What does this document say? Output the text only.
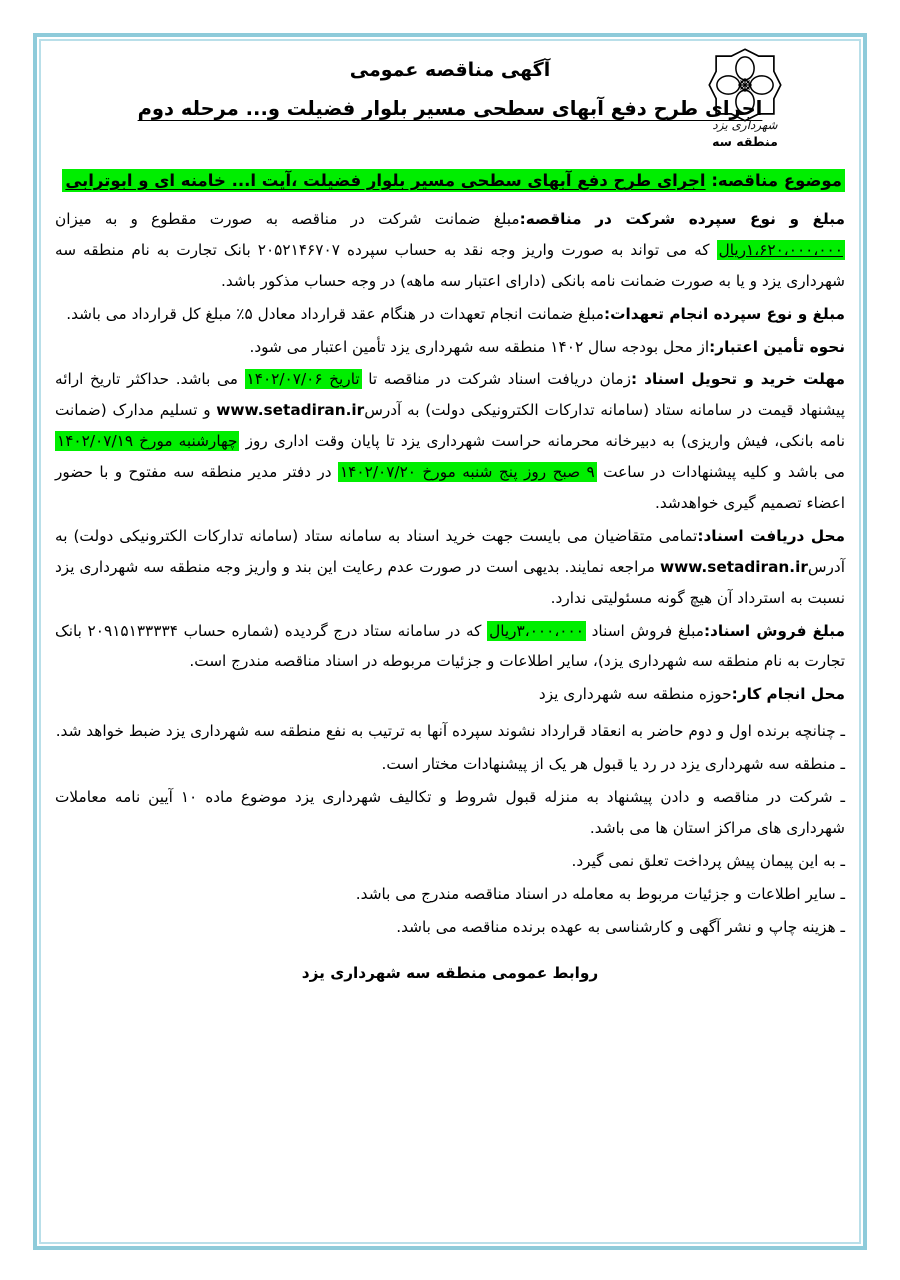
شهرداری یزد
منطقه سه
آگهی مناقصه عمومی
اجرای طرح دفع آبهای سطحی مسیر بلوار فضیلت و... مرحله دوم
موضوع مناقصه: اجرای طرح دفع آبهای سطحی مسیر بلوار فضیلت ،آیت ا... خامنه ای و ابوترابی

مبلغ و نوع سپرده شرکت در مناقصه:مبلغ ضمانت شرکت در مناقصه به صورت مقطوع و به میزان ۱،۶۲۰،۰۰۰،۰۰۰ریال که می تواند به صورت واریز وجه نقد به حساب سپرده ۲۰۵۲۱۴۶۷۰۷ بانک تجارت به نام منطقه سه شهرداری یزد و یا به صورت ضمانت نامه بانکی (دارای اعتبار سه ماهه) در وجه حساب مذکور باشد.

مبلغ و نوع سپرده انجام تعهدات:مبلغ ضمانت انجام تعهدات در هنگام عقد قرارداد معادل ۵٪ مبلغ کل قرارداد می باشد.

نحوه تأمین اعتبار:از محل بودجه سال ۱۴۰۲ منطقه سه شهرداری یزد تأمین اعتبار می شود.

مهلت خرید و تحویل اسناد :زمان دریافت اسناد شرکت در مناقصه تا تاریخ ۱۴۰۲/۰۷/۰۶ می باشد. حداکثر تاریخ ارائه پیشنهاد قیمت در سامانه ستاد (سامانه تدارکات الکترونیکی دولت) به آدرسwww.setadiran.ir و تسلیم مدارک (ضمانت نامه بانکی، فیش واریزی) به دبیرخانه محرمانه حراست شهرداری یزد تا پایان وقت اداری روز چهارشنبه مورخ ۱۴۰۲/۰۷/۱۹ می باشد و کلیه پیشنهادات در ساعت ۹ صبح روز پنج شنبه مورخ ۱۴۰۲/۰۷/۲۰ در دفتر مدیر منطقه سه مفتوح و با حضور اعضاء تصمیم گیری خواهدشد.

محل دریافت اسناد:تمامی متقاضیان می بایست جهت خرید اسناد به سامانه ستاد (سامانه تدارکات الکترونیکی دولت) به آدرسwww.setadiran.ir مراجعه نمایند. بدیهی است در صورت عدم رعایت این بند و واریز وجه منطقه سه شهرداری یزد نسبت به استرداد آن هیچ گونه مسئولیتی ندارد.

مبلغ فروش اسناد:مبلغ فروش اسناد ۳،۰۰۰،۰۰۰ریال که در سامانه ستاد درج گردیده (شماره حساب ۲۰۹۱۵۱۳۳۳۳۴ بانک تجارت به نام منطقه سه شهرداری یزد)، سایر اطلاعات و جزئیات مربوطه در اسناد مناقصه مندرج است.

محل انجام کار:حوزه منطقه سه شهرداری یزد

ـ چنانچه برنده اول و دوم حاضر به انعقاد قرارداد نشوند سپرده آنها به ترتیب به نفع منطقه سه شهرداری یزد ضبط خواهد شد.

ـ منطقه سه شهرداری یزد در رد یا قبول هر یک از پیشنهادات مختار است.

ـ شرکت در مناقصه و دادن پیشنهاد به منزله قبول شروط و تکالیف شهرداری یزد موضوع ماده ۱۰ آیین نامه معاملات شهرداری های مراکز استان ها می باشد.

ـ به این پیمان پیش پرداخت تعلق نمی گیرد.

ـ سایر اطلاعات و جزئیات مربوط به معامله در اسناد مناقصه مندرج می باشد.

ـ هزینه چاپ و نشر آگهی و کارشناسی به عهده برنده مناقصه می باشد.

روابط عمومی منطقه سه شهرداری یزد
